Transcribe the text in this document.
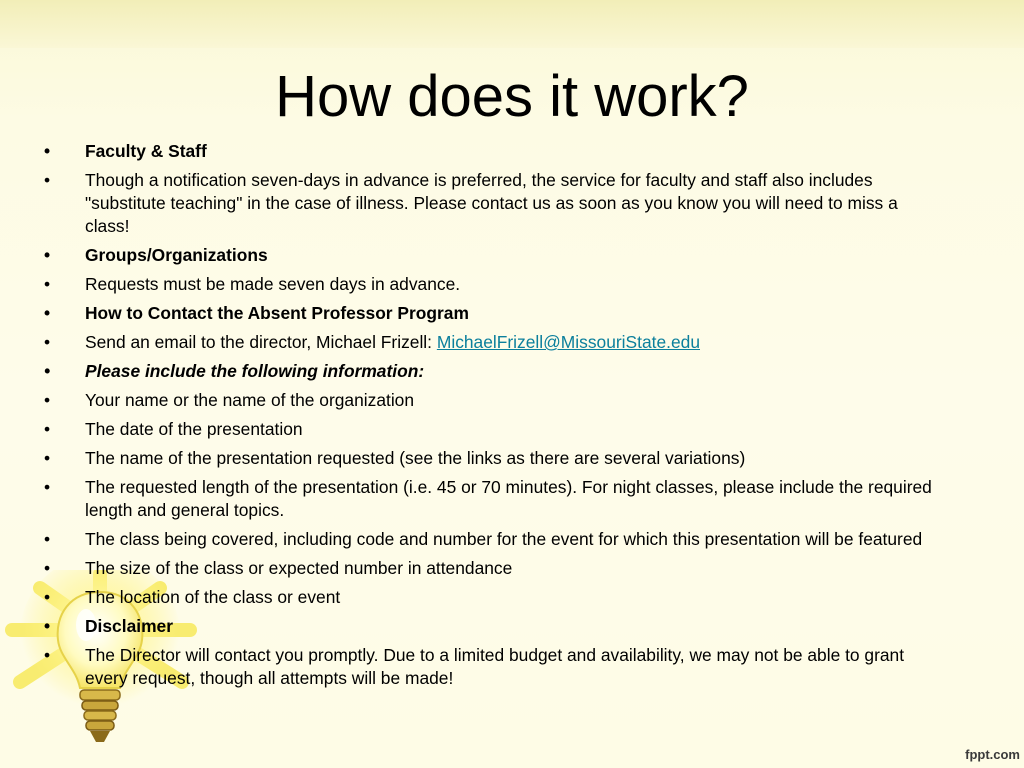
How does it work?
• Faculty & Staff
• Though a notification seven-days in advance is preferred, the service for faculty and staff also includes "substitute teaching" in the case of illness. Please contact us as soon as you know you will need to miss a class!
• Groups/Organizations
• Requests must be made seven days in advance.
• How to Contact the Absent Professor Program
• Send an email to the director, Michael Frizell: MichaelFrizell@MissouriState.edu
• Please include the following information:
• Your name or the name of the organization
• The date of the presentation
• The name of the presentation requested (see the links as there are several variations)
• The requested length of the presentation (i.e. 45 or 70 minutes). For night classes, please include the required length and general topics.
• The class being covered, including code and number for the event for which this presentation will be featured
• The size of the class or expected number in attendance
• The location of the class or event
• Disclaimer
• The Director will contact you promptly. Due to a limited budget and availability, we may not be able to grant every request, though all attempts will be made!
fppt.com
